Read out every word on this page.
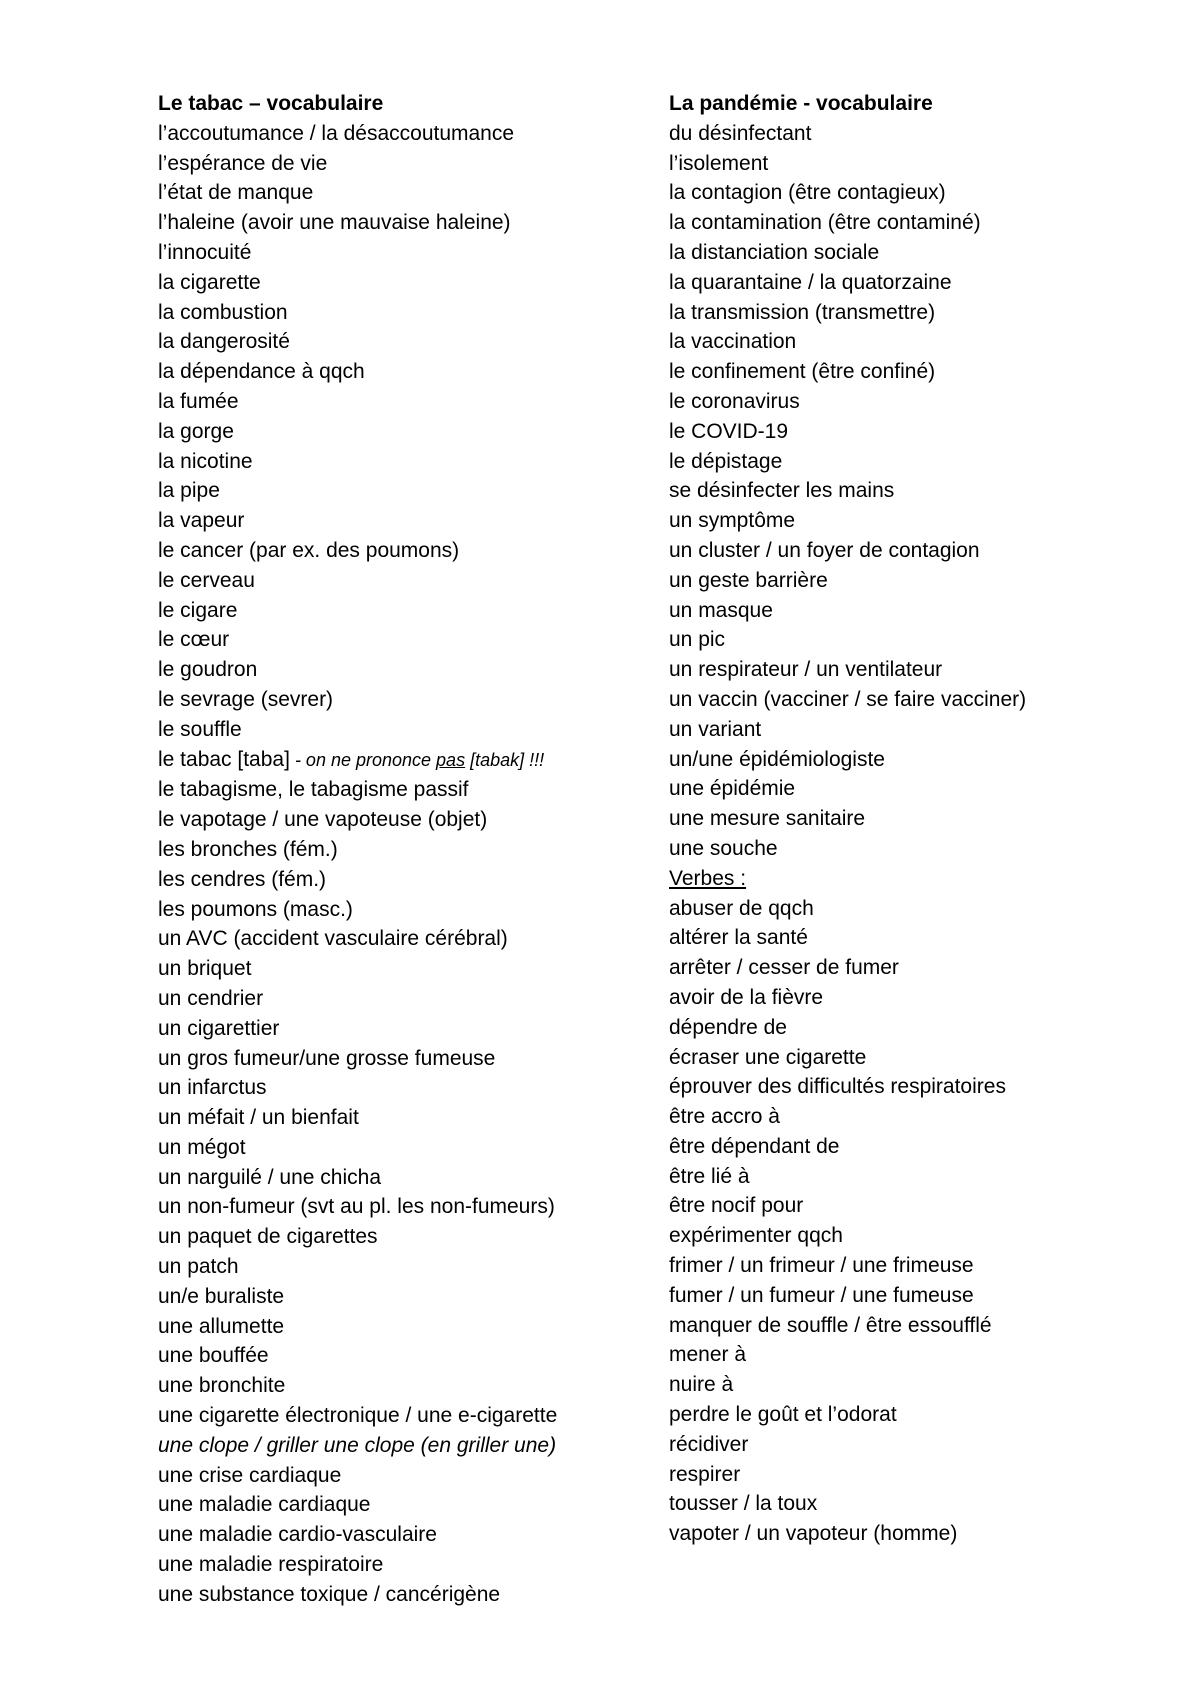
Le tabac – vocabulaire

l’accoutumance / la désaccoutumance

l’espérance de vie

l’état de manque

l’haleine (avoir une mauvaise haleine)

l’innocuité

la cigarette

la combustion

la dangerosité

la dépendance à qqch

la fumée

la gorge

la nicotine

la pipe

la vapeur

le cancer (par ex. des poumons)

le cerveau

le cigare

le cœur

le goudron

le sevrage (sevrer)

le souffle

le tabac [taba] - on ne prononce pas [tabak] !!!

le tabagisme, le tabagisme passif

le vapotage / une vapoteuse (objet)

les bronches (fém.)

les cendres (fém.)

les poumons (masc.)

un AVC (accident vasculaire cérébral)

un briquet

un cendrier

un cigarettier

un gros fumeur/une grosse fumeuse

un infarctus

un méfait / un bienfait

un mégot

un narguilé / une chicha

un non-fumeur (svt au pl. les non-fumeurs)

un paquet de cigarettes

un patch

un/e buraliste

une allumette

une bouffée

une bronchite

une cigarette électronique / une e-cigarette

une clope / griller une clope (en griller une)

une crise cardiaque

une maladie cardiaque

une maladie cardio-vasculaire

une maladie respiratoire

une substance toxique / cancérigène

La pandémie - vocabulaire

du désinfectant

l’isolement

la contagion (être contagieux)

la contamination (être contaminé)

la distanciation sociale

la quarantaine / la quatorzaine

la transmission (transmettre)

la vaccination

le confinement (être confiné)

le coronavirus

le COVID-19

le dépistage

se désinfecter les mains

un symptôme

un cluster / un foyer de contagion

un geste barrière

un masque

un pic

un respirateur / un ventilateur

un vaccin (vacciner / se faire vacciner)

un variant

un/une épidémiologiste

une épidémie

une mesure sanitaire

une souche

Verbes :

abuser de qqch

altérer la santé

arrêter / cesser de fumer

avoir de la fièvre

dépendre de

écraser une cigarette

éprouver des difficultés respiratoires

être accro à

être dépendant de

être lié à

être nocif pour

expérimenter qqch

frimer / un frimeur / une frimeuse

fumer / un fumeur / une fumeuse

manquer de souffle / être essoufflé

mener à

nuire à

perdre le goût et l’odorat

récidiver

respirer

tousser / la toux

vapoter / un vapoteur (homme)
